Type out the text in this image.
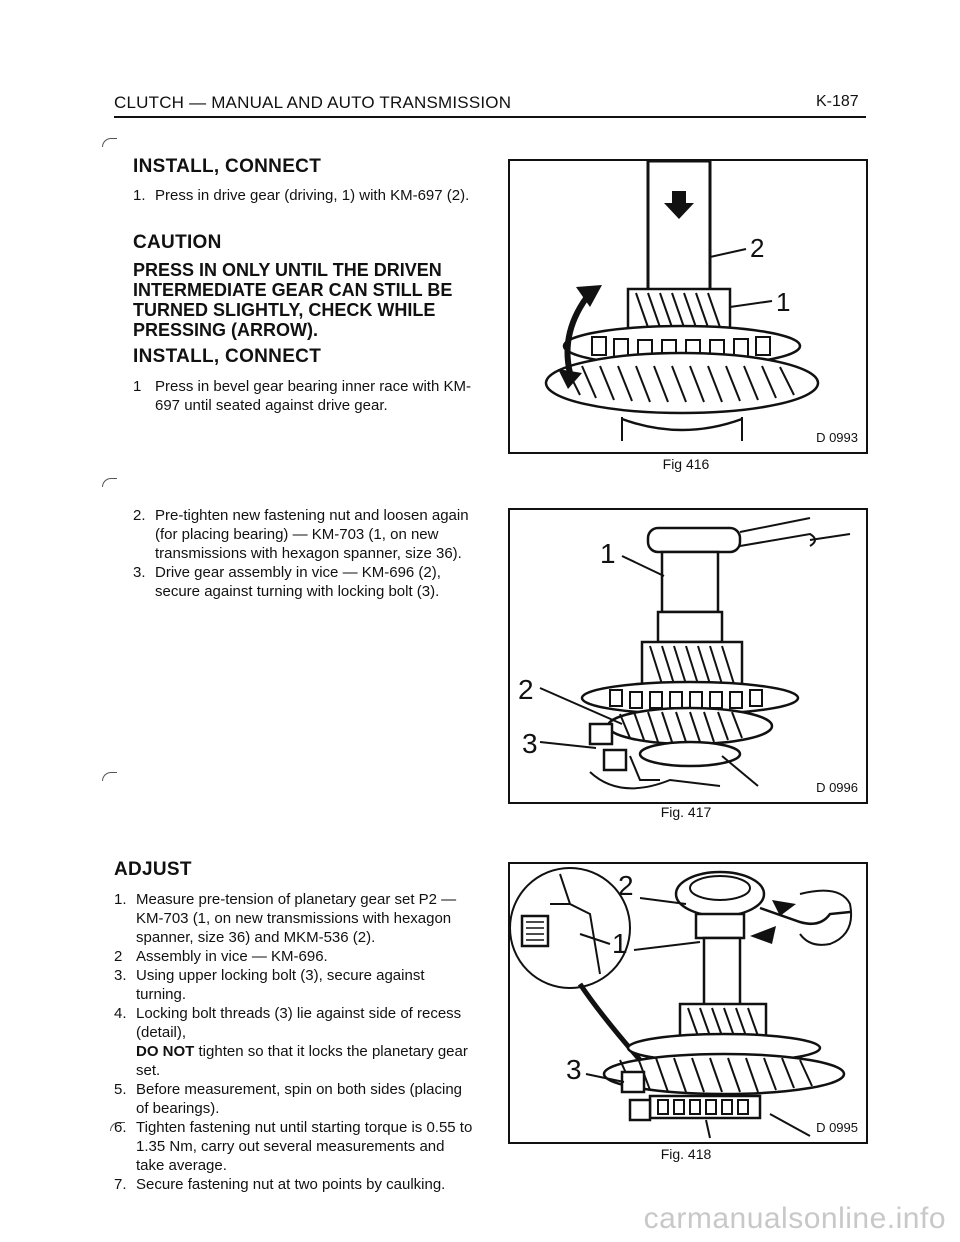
CLUTCH — MANUAL AND AUTO TRANSMISSION	K-187
INSTALL, CONNECT
1. Press in drive gear (driving, 1) with KM-697 (2).
CAUTION
PRESS IN ONLY UNTIL THE DRIVEN INTERMEDIATE GEAR CAN STILL BE TURNED SLIGHTLY, CHECK WHILE PRESSING (ARROW).
INSTALL, CONNECT
1 Press in bevel gear bearing inner race with KM-697 until seated against drive gear.
2. Pre-tighten new fastening nut and loosen again (for placing bearing) — KM-703 (1, on new transmissions with hexagon spanner, size 36).
3. Drive gear assembly in vice — KM-696 (2), secure against turning with locking bolt (3).
ADJUST
1. Measure pre-tension of planetary gear set P2 — KM-703 (1, on new transmissions with hexagon spanner, size 36) and MKM-536 (2).
2 Assembly in vice — KM-696.
3. Using upper locking bolt (3), secure against turning.
4. Locking bolt threads (3) lie against side of recess (detail),
DO NOT tighten so that it locks the planetary gear set.
5. Before measurement, spin on both sides (placing of bearings).
6. Tighten fastening nut until starting torque is 0.55 to 1.35 Nm, carry out several measurements and take average.
7. Secure fastening nut at two points by caulking.
2
1
D 0993
Fig 416
1
2
3
D 0996
Fig. 417
2
1
3
D 0995
Fig. 418
carmanualsonline.info
